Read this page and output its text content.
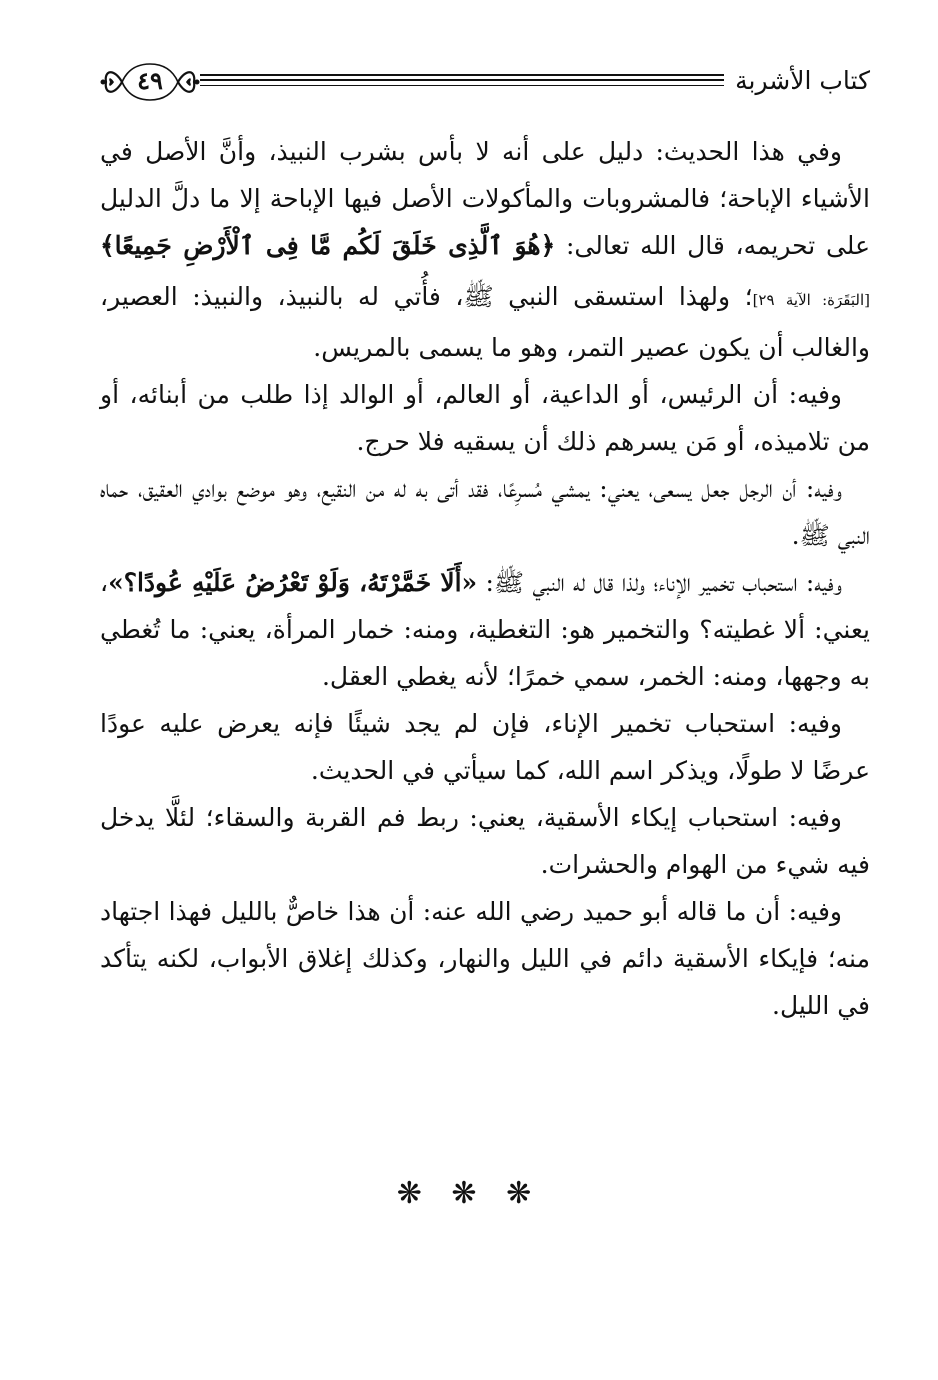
كتاب الأشربة
٤٩

وفي هذا الحديث: دليل على أنه لا بأس بشرب النبيذ، وأنَّ الأصل في الأشياء الإباحة؛ فالمشروبات والمأكولات الأصل فيها الإباحة إلا ما دلَّ الدليل على تحريمه، قال الله تعالى: ﴿هُوَ ٱلَّذِى خَلَقَ لَكُم مَّا فِى ٱلْأَرْضِ جَمِيعًا﴾ [البَقَرَة: الآية ٢٩]؛ ولهذا استسقى النبي ﷺ، فأُتي له بالنبيذ، والنبيذ: العصير، والغالب أن يكون عصير التمر، وهو ما يسمى بالمريس.

وفيه: أن الرئيس، أو الداعية، أو العالم، أو الوالد إذا طلب من أبنائه، أو من تلاميذه، أو مَن يسرهم ذلك أن يسقيه فلا حرج.

وفيه: أن الرجل جعل يسعى، يعني: يمشي مُسرِعًا، فقد أتى به له من النقيع، وهو موضع بوادي العقيق، حماه النبي ﷺ.

وفيه: استحباب تخمير الإناء؛ ولذا قال له النبي ﷺ: «أَلَا خَمَّرْتَهُ، وَلَوْ تَعْرُضُ عَلَيْهِ عُودًا؟»، يعني: ألا غطيته؟ والتخمير هو: التغطية، ومنه: خمار المرأة، يعني: ما تُغطي به وجهها، ومنه: الخمر، سمي خمرًا؛ لأنه يغطي العقل.

وفيه: استحباب تخمير الإناء، فإن لم يجد شيئًا فإنه يعرض عليه عودًا عرضًا لا طولًا، ويذكر اسم الله، كما سيأتي في الحديث.

وفيه: استحباب إيكاء الأسقية، يعني: ربط فم القربة والسقاء؛ لئلَّا يدخل فيه شيء من الهوام والحشرات.

وفيه: أن ما قاله أبو حميد رضي الله عنه: أن هذا خاصٌّ بالليل فهذا اجتهاد منه؛ فإيكاء الأسقية دائم في الليل والنهار، وكذلك إغلاق الأبواب، لكنه يتأكد في الليل.

❋ ❋ ❋
